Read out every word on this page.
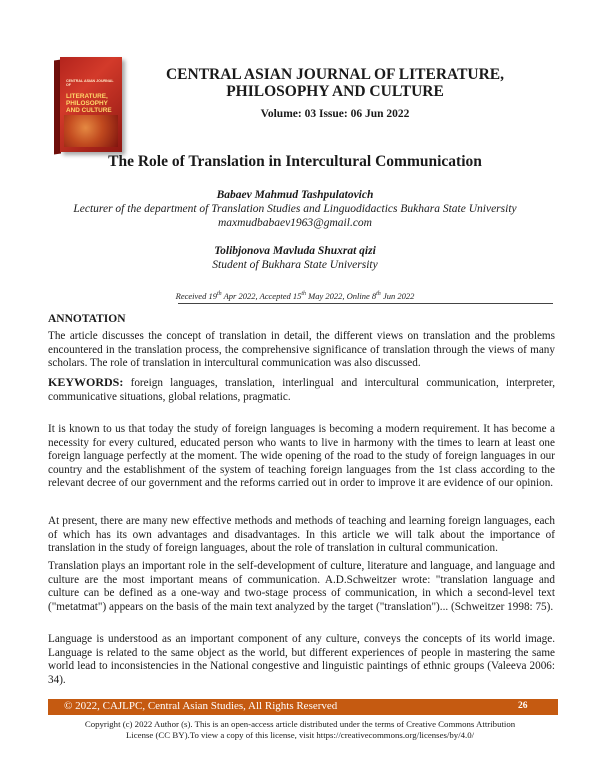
CENTRAL ASIAN JOURNAL OF
LITERATURE, PHILOSOPHY AND CULTURE
CENTRAL ASIAN JOURNAL OF LITERATURE,
PHILOSOPHY AND CULTURE
Volume: 03 Issue: 06 Jun 2022
The Role of Translation in Intercultural Communication
Babaev Mahmud Tashpulatovich
Lecturer of the department of Translation Studies and Linguodidactics Bukhara State University
maxmudbabaev1963@gmail.com
Tolibjonova Mavluda Shuxrat qizi
Student of Bukhara State University
Received 19th Apr 2022, Accepted 15th May 2022, Online 8th Jun 2022
ANNOTATION

The article discusses the concept of translation in detail, the different views on translation and the problems encountered in the translation process, the comprehensive significance of translation through the views of many scholars. The role of translation in intercultural communication was also discussed.

KEYWORDS: foreign languages, translation, interlingual and intercultural communication, interpreter, communicative situations, global relations, pragmatic.

It is known to us that today the study of foreign languages is becoming a modern requirement. It has become a necessity for every cultured, educated person who wants to live in harmony with the times to learn at least one foreign language perfectly at the moment. The wide opening of the road to the study of foreign languages in our country and the establishment of the system of teaching foreign languages from the 1st class according to the relevant decree of our government and the reforms carried out in order to improve it are evidence of our opinion.

At present, there are many new effective methods and methods of teaching and learning foreign languages, each of which has its own advantages and disadvantages. In this article we will talk about the importance of translation in the study of foreign languages, about the role of translation in cultural communication.

Translation plays an important role in the self-development of culture, literature and language, and language and culture are the most important means of communication. A.D.Schweitzer wrote: "translation language and culture can be defined as a one-way and two-stage process of communication, in which a second-level text ("metatmat") appears on the basis of the main text analyzed by the target ("translation")... (Schweitzer 1998: 75).

Language is understood as an important component of any culture, conveys the concepts of its world image. Language is related to the same object as the world, but different experiences of people in mastering the same world lead to inconsistencies in the National congestive and linguistic paintings of ethnic groups (Valeeva 2006: 34).

© 2022, CAJLPC, Central Asian Studies, All Rights Reserved	26
Copyright (c) 2022 Author (s). This is an open-access article distributed under the terms of Creative Commons Attribution
License (CC BY).To view a copy of this license, visit https://creativecommons.org/licenses/by/4.0/
